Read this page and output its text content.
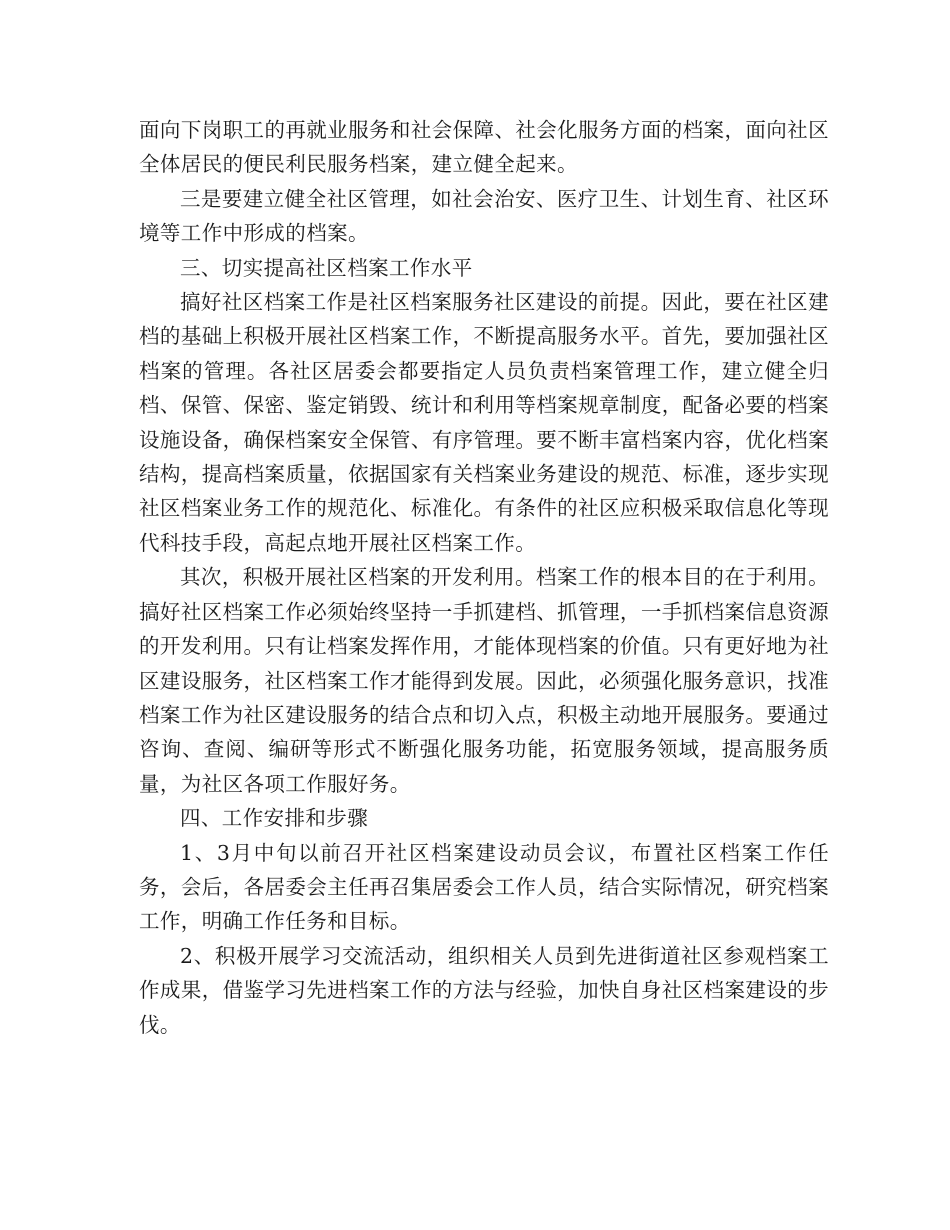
面向下岗职工的再就业服务和社会保障、社会化服务方面的档案，面向社区全体居民的便民利民服务档案，建立健全起来。

三是要建立健全社区管理，如社会治安、医疗卫生、计划生育、社区环境等工作中形成的档案。

三、切实提高社区档案工作水平

搞好社区档案工作是社区档案服务社区建设的前提。因此，要在社区建档的基础上积极开展社区档案工作，不断提高服务水平。首先，要加强社区档案的管理。各社区居委会都要指定人员负责档案管理工作，建立健全归档、保管、保密、鉴定销毁、统计和利用等档案规章制度，配备必要的档案设施设备，确保档案安全保管、有序管理。要不断丰富档案内容，优化档案结构，提高档案质量，依据国家有关档案业务建设的规范、标准，逐步实现社区档案业务工作的规范化、标准化。有条件的社区应积极采取信息化等现代科技手段，高起点地开展社区档案工作。

其次，积极开展社区档案的开发利用。档案工作的根本目的在于利用。搞好社区档案工作必须始终坚持一手抓建档、抓管理，一手抓档案信息资源的开发利用。只有让档案发挥作用，才能体现档案的价值。只有更好地为社区建设服务，社区档案工作才能得到发展。因此，必须强化服务意识，找准档案工作为社区建设服务的结合点和切入点，积极主动地开展服务。要通过咨询、查阅、编研等形式不断强化服务功能，拓宽服务领域，提高服务质量，为社区各项工作服好务。

四、工作安排和步骤

1、3月中旬以前召开社区档案建设动员会议，布置社区档案工作任务，会后，各居委会主任再召集居委会工作人员，结合实际情况，研究档案工作，明确工作任务和目标。

2、积极开展学习交流活动，组织相关人员到先进街道社区参观档案工作成果，借鉴学习先进档案工作的方法与经验，加快自身社区档案建设的步伐。
